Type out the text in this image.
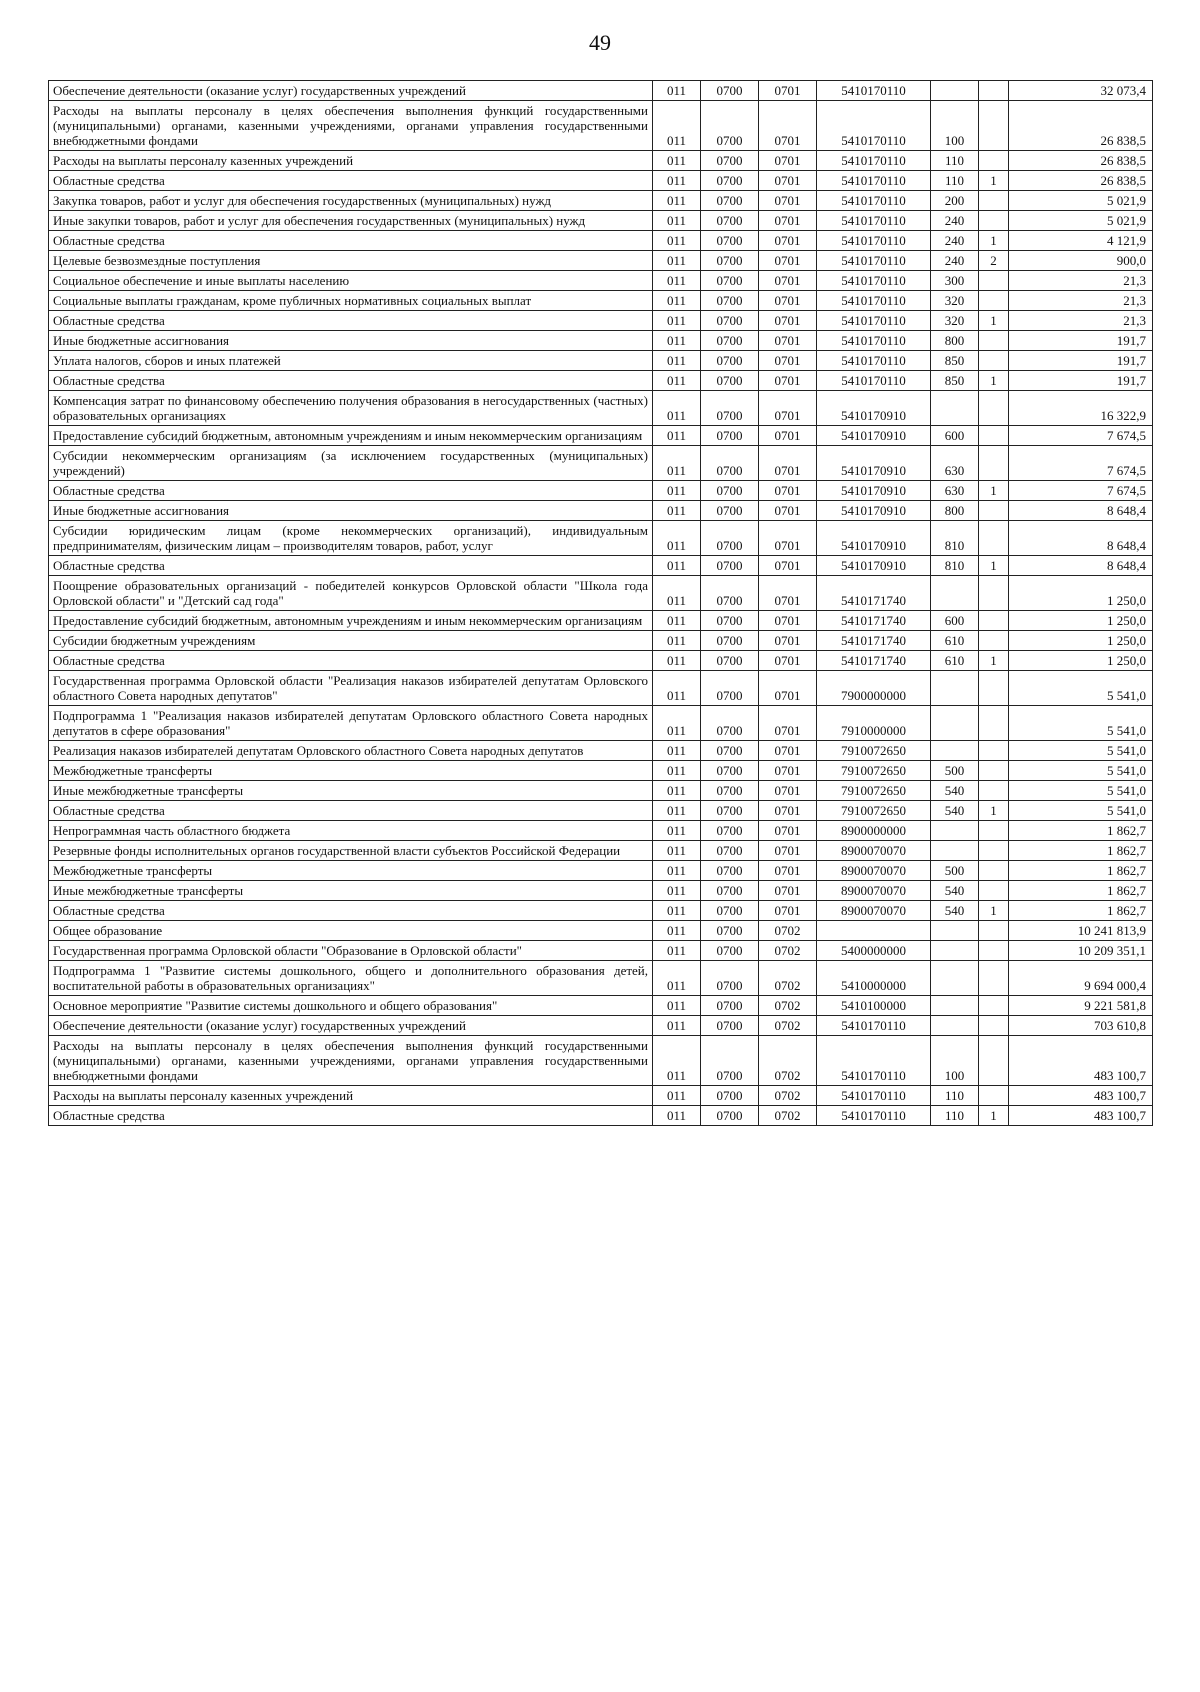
49
Обеспечение деятельности (оказание услуг) государственных учреждений	011	0700	0701	5410170110			32 073,4
Расходы на выплаты персоналу в целях обеспечения выполнения функций государственными (муниципальными) органами, казенными учреждениями, органами управления государственными внебюджетными фондами	011	0700	0701	5410170110	100		26 838,5
Расходы на выплаты персоналу казенных учреждений	011	0700	0701	5410170110	110		26 838,5
Областные средства	011	0700	0701	5410170110	110	1	26 838,5
Закупка товаров, работ и услуг для обеспечения государственных (муниципальных) нужд	011	0700	0701	5410170110	200		5 021,9
Иные закупки товаров, работ и услуг для обеспечения государственных (муниципальных) нужд	011	0700	0701	5410170110	240		5 021,9
Областные средства	011	0700	0701	5410170110	240	1	4 121,9
Целевые безвозмездные поступления	011	0700	0701	5410170110	240	2	900,0
Социальное обеспечение и иные выплаты населению	011	0700	0701	5410170110	300		21,3
Социальные выплаты гражданам, кроме публичных нормативных социальных выплат	011	0700	0701	5410170110	320		21,3
Областные средства	011	0700	0701	5410170110	320	1	21,3
Иные бюджетные ассигнования	011	0700	0701	5410170110	800		191,7
Уплата налогов, сборов и иных платежей	011	0700	0701	5410170110	850		191,7
Областные средства	011	0700	0701	5410170110	850	1	191,7
Компенсация затрат по финансовому обеспечению получения образования в негосударственных (частных) образовательных организациях	011	0700	0701	5410170910			16 322,9
Предоставление субсидий бюджетным, автономным учреждениям и иным некоммерческим организациям	011	0700	0701	5410170910	600		7 674,5
Субсидии некоммерческим организациям (за исключением государственных (муниципальных) учреждений)	011	0700	0701	5410170910	630		7 674,5
Областные средства	011	0700	0701	5410170910	630	1	7 674,5
Иные бюджетные ассигнования	011	0700	0701	5410170910	800		8 648,4
Субсидии юридическим лицам (кроме некоммерческих организаций), индивидуальным предпринимателям, физическим лицам – производителям товаров, работ, услуг	011	0700	0701	5410170910	810		8 648,4
Областные средства	011	0700	0701	5410170910	810	1	8 648,4
Поощрение образовательных организаций - победителей конкурсов Орловской области "Школа года Орловской области" и "Детский сад года"	011	0700	0701	5410171740			1 250,0
Предоставление субсидий бюджетным, автономным учреждениям и иным некоммерческим организациям	011	0700	0701	5410171740	600		1 250,0
Субсидии бюджетным учреждениям	011	0700	0701	5410171740	610		1 250,0
Областные средства	011	0700	0701	5410171740	610	1	1 250,0
Государственная программа Орловской области "Реализация наказов избирателей депутатам Орловского областного Совета народных депутатов"	011	0700	0701	7900000000			5 541,0
Подпрограмма 1 "Реализация наказов избирателей депутатам Орловского областного Совета народных депутатов в сфере образования"	011	0700	0701	7910000000			5 541,0
Реализация наказов избирателей депутатам Орловского областного Совета народных депутатов	011	0700	0701	7910072650			5 541,0
Межбюджетные трансферты	011	0700	0701	7910072650	500		5 541,0
Иные межбюджетные трансферты	011	0700	0701	7910072650	540		5 541,0
Областные средства	011	0700	0701	7910072650	540	1	5 541,0
Непрограммная часть областного бюджета	011	0700	0701	8900000000			1 862,7
Резервные фонды исполнительных органов государственной власти субъектов Российской Федерации	011	0700	0701	8900070070			1 862,7
Межбюджетные трансферты	011	0700	0701	8900070070	500		1 862,7
Иные межбюджетные трансферты	011	0700	0701	8900070070	540		1 862,7
Областные средства	011	0700	0701	8900070070	540	1	1 862,7
Общее образование	011	0700	0702				10 241 813,9
Государственная программа Орловской области "Образование в Орловской области"	011	0700	0702	5400000000			10 209 351,1
Подпрограмма 1 "Развитие системы дошкольного, общего и дополнительного образования детей, воспитательной работы в образовательных организациях"	011	0700	0702	5410000000			9 694 000,4
Основное мероприятие "Развитие системы дошкольного и общего образования"	011	0700	0702	5410100000			9 221 581,8
Обеспечение деятельности (оказание услуг) государственных учреждений	011	0700	0702	5410170110			703 610,8
Расходы на выплаты персоналу в целях обеспечения выполнения функций государственными (муниципальными) органами, казенными учреждениями, органами управления государственными внебюджетными фондами	011	0700	0702	5410170110	100		483 100,7
Расходы на выплаты персоналу казенных учреждений	011	0700	0702	5410170110	110		483 100,7
Областные средства	011	0700	0702	5410170110	110	1	483 100,7
